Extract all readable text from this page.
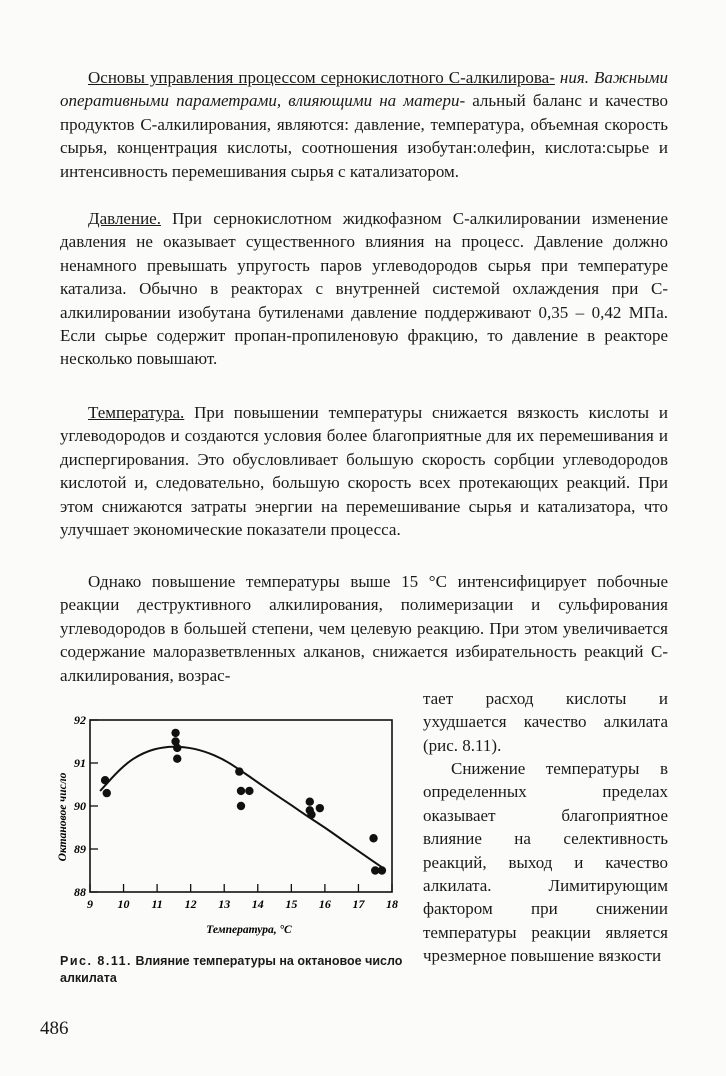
Основы управления процессом сернокислотного С-алкилирова- ния. Важными оперативными параметрами, влияющими на матери- альный баланс и качество продуктов С-алкилирования, являются: давление, температура, объемная скорость сырья, концентрация кислоты, соотношения изобутан:олефин, кислота:сырье и интенсивность перемешивания сырья с катализатором.

Давление. При сернокислотном жидкофазном С-алкилировании изменение давления не оказывает существенного влияния на процесс. Давление должно ненамного превышать упругость паров углеводородов сырья при температуре катализа. Обычно в реакторах с внутренней системой охлаждения при С-алкилировании изобутана бутиленами давление поддерживают 0,35 – 0,42 МПа. Если сырье содержит пропан-пропиленовую фракцию, то давление в реакторе несколько повышают.

Температура. При повышении температуры снижается вязкость кислоты и углеводородов и создаются условия более благоприятные для их перемешивания и диспергирования. Это обусловливает большую скорость сорбции углеводородов кислотой и, следовательно, большую скорость всех протекающих реакций. При этом снижаются затраты энергии на перемешивание сырья и катализатора, что улучшает экономические показатели процесса.

Однако повышение температуры выше 15 °С интенсифицирует побочные реакции деструктивного алкилирования, полимеризации и сульфирования углеводородов в большей степени, чем целевую реакцию. При этом увеличивается содержание малоразветвленных алканов, снижается избирательность реакций С-алкилирования, возрас-

тает расход кислоты и ухудшается качество алкилата (рис. 8.11).

Снижение температуры в определенных пределах оказывает благоприятное влияние на селективность реакций, выход и качество алкилата. Лимитирующим фактором при снижении температуры реакции является чрезмерное повышение вязкости

9 10 11 12 13 14 15 16 17 18
88
89
90
91
92
Температура, °С
Октановое число

Рис. 8.11. Влияние температуры на октановое число алкилата

486
